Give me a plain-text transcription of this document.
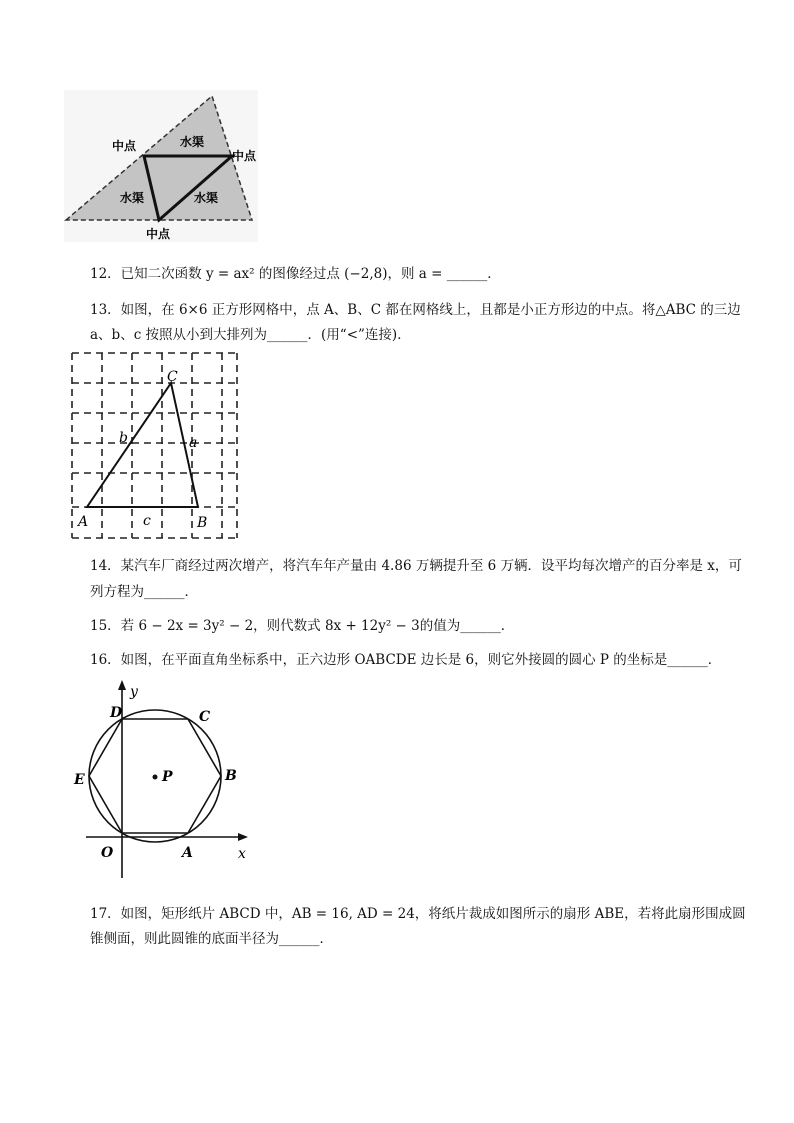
中点
中点
中点
水渠
水渠	水渠
12．已知二次函数 y = ax² 的图像经过点 (−2,8)，则 a = ______．
13．如图，在 6×6 正方形网格中，点 A、B、C 都在网格线上，且都是小正方形边的中点。将△ABC 的三边
a、b、c 按照从小到大排列为______．(用“<”连接)．
A	B
C
a
b
c
14．某汽车厂商经过两次增产，将汽车年产量由 4.86 万辆提升至 6 万辆．设平均每次增产的百分率是 x，可
列方程为______．
15．若 6 − 2x = 3y² − 2，则代数式 8x + 12y² − 3的值为______．
16．如图，在平面直角坐标系中，正六边形 OABCDE 边长是 6，则它外接圆的圆心 P 的坐标是______．
y
x
O	A
B
C
D
E	P
17．如图，矩形纸片 ABCD 中，AB = 16, AD = 24，将纸片裁成如图所示的扇形 ABE，若将此扇形围成圆
锥侧面，则此圆锥的底面半径为______．
